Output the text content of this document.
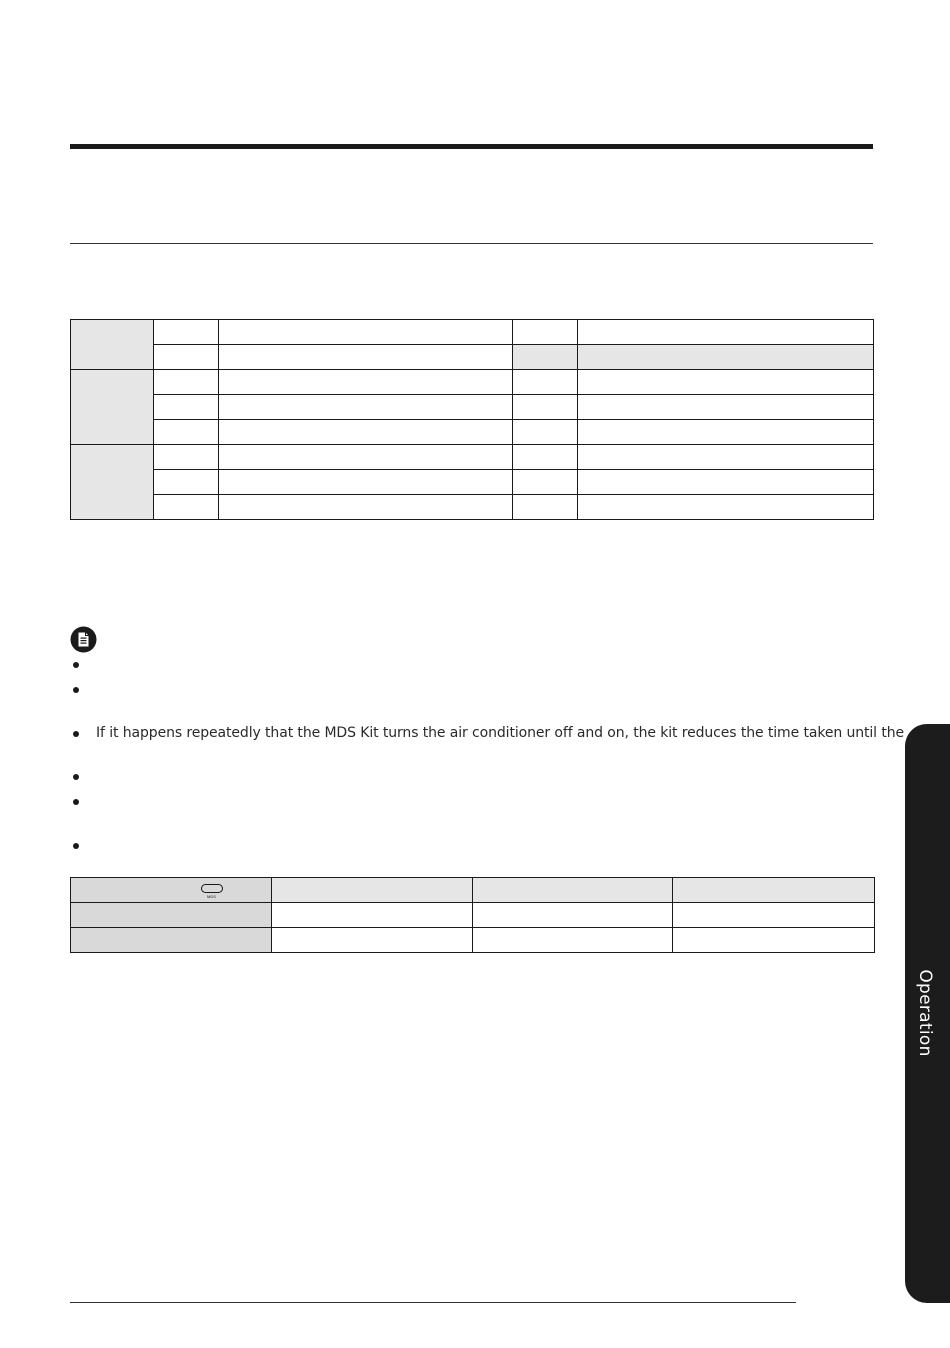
If it happens repeatedly that the MDS Kit turns the air conditioner off and on, the kit reduces the time taken until the
MDS			

Operation
